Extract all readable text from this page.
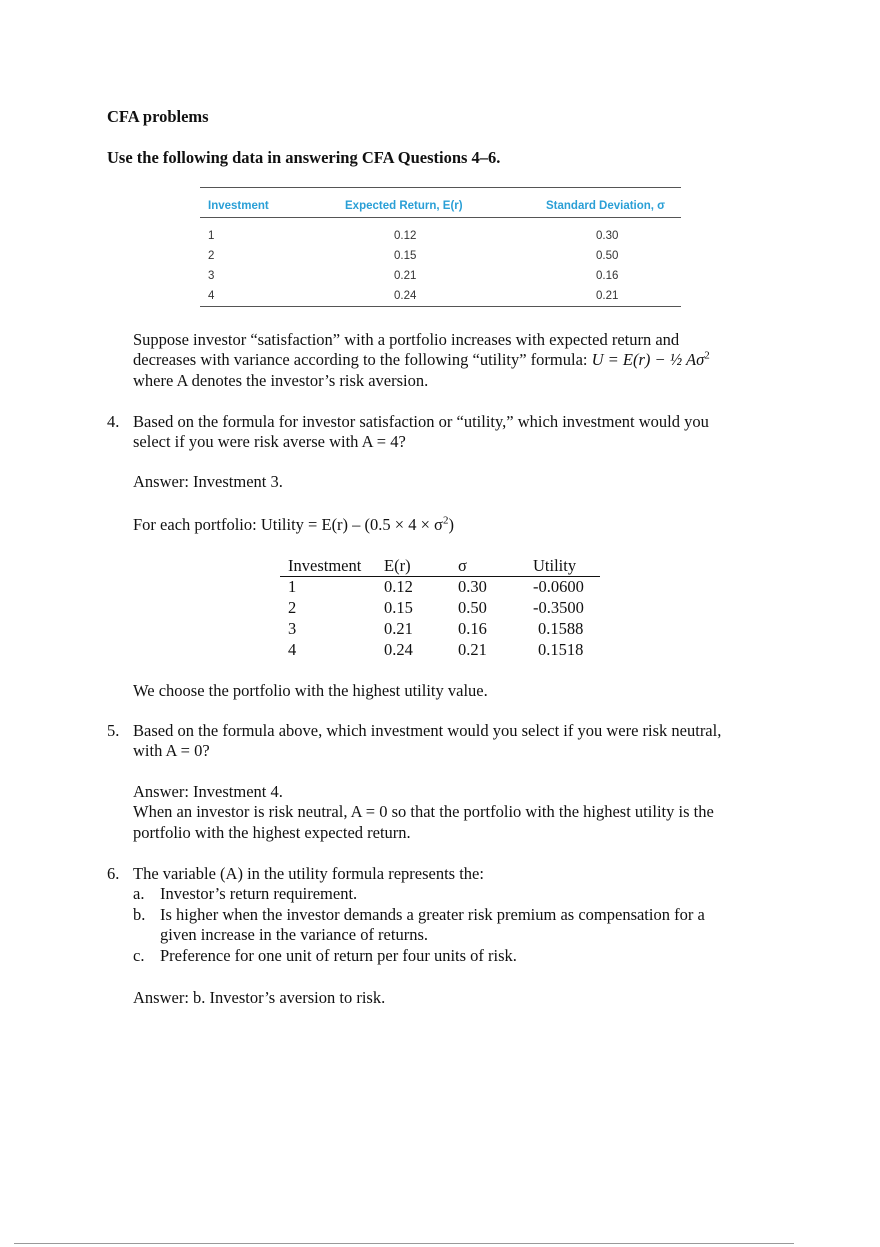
CFA problems
Use the following data in answering CFA Questions 4–6.
Investment	Expected Return, E(r)	Standard Deviation, σ
1	0.12	0.30
2	0.15	0.50
3	0.21	0.16
4	0.24	0.21
Suppose investor “satisfaction” with a portfolio increases with expected return and
decreases with variance according to the following “utility” formula: U = E(r) − ½ $A\sigma^2$
where A denotes the investor’s risk aversion.
4. Based on the formula for investor satisfaction or “utility,” which investment would you
select if you were risk averse with A = 4?
Answer: Investment 3.
For each portfolio: Utility = $E(r) - (0.5 \times 4 \times \sigma^2)$
Investment E(r)	σ	Utility
1	0.12	0.30	-0.0600
2	0.15	0.50	-0.3500
3	0.21	0.16	0.1588
4	0.24	0.21	0.1518
We choose the portfolio with the highest utility value.
5. Based on the formula above, which investment would you select if you were risk neutral,
with A = 0?
Answer: Investment 4.
When an investor is risk neutral, A = 0 so that the portfolio with the highest utility is the
portfolio with the highest expected return.
6. The variable (A) in the utility formula represents the:
a. Investor’s return requirement.
b. Is higher when the investor demands a greater risk premium as compensation for a
given increase in the variance of returns.
c. Preference for one unit of return per four units of risk.
Answer: b. Investor’s aversion to risk.
